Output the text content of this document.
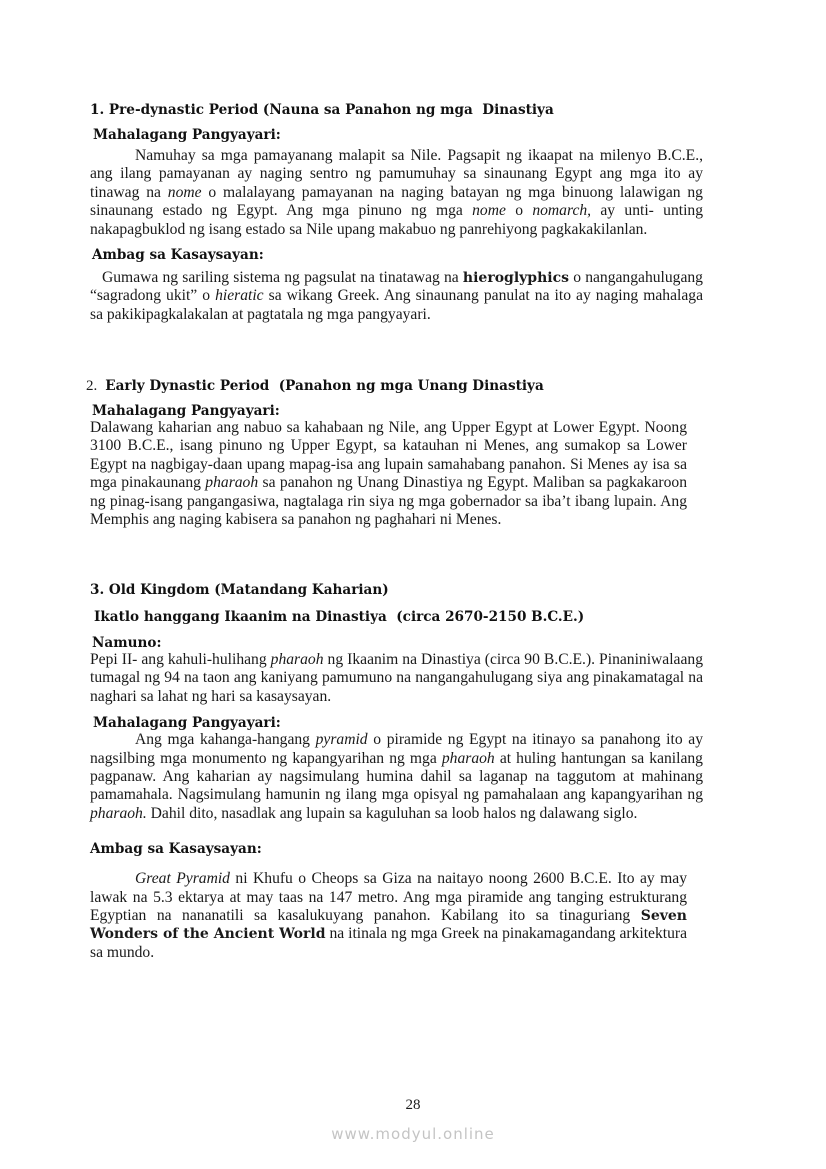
1. Pre-dynastic Period (Nauna sa Panahon ng mga  Dinastiya
Mahalagang Pangyayari:

Namuhay sa mga pamayanang malapit sa Nile. Pagsapit ng ikaapat na milenyo B.C.E., ang ilang pamayanan ay naging sentro ng pamumuhay sa sinaunang Egypt ang mga ito ay tinawag na nome o malalayang pamayanan na naging batayan ng mga binuong lalawigan ng sinaunang estado ng Egypt. Ang mga pinuno ng mga nome o nomarch, ay unti- unting nakapagbuklod ng isang estado sa Nile upang makabuo ng panrehiyong pagkakakilanlan.

Ambag sa Kasaysayan:

Gumawa ng sariling sistema ng pagsulat na tinatawag na hieroglyphics o nangangahulugang “sagradong ukit” o hieratic sa wikang Greek. Ang sinaunang panulat na ito ay naging mahalaga sa pakikipagkalakalan at pagtatala ng mga pangyayari.

2. Early Dynastic Period  (Panahon ng mga Unang Dinastiya
Mahalagang Pangyayari:

Dalawang kaharian ang nabuo sa kahabaan ng Nile, ang Upper Egypt at Lower Egypt. Noong 3100 B.C.E., isang pinuno ng Upper Egypt, sa katauhan ni Menes, ang sumakop sa Lower Egypt na nagbigay-daan upang mapag-isa ang lupain samahabang panahon. Si Menes ay isa sa mga pinakaunang pharaoh sa panahon ng Unang Dinastiya ng Egypt. Maliban sa pagkakaroon ng pinag-isang pangangasiwa, nagtalaga rin siya ng mga gobernador sa iba’t ibang lupain. Ang Memphis ang naging kabisera sa panahon ng paghahari ni Menes.

3. Old Kingdom (Matandang Kaharian)
Ikatlo hanggang Ikaanim na Dinastiya  (circa 2670-2150 B.C.E.)
Namuno:

Pepi II- ang kahuli-hulihang pharaoh ng Ikaanim na Dinastiya (circa 90 B.C.E.). Pinaniniwalaang tumagal ng 94 na taon ang kaniyang pamumuno na nangangahulugang siya ang pinakamatagal na naghari sa lahat ng hari sa kasaysayan.

Mahalagang Pangyayari:

Ang mga kahanga-hangang pyramid o piramide ng Egypt na itinayo sa panahong ito ay nagsilbing mga monumento ng kapangyarihan ng mga pharaoh at huling hantungan sa kanilang pagpanaw. Ang kaharian ay nagsimulang humina dahil sa laganap na taggutom at mahinang pamamahala. Nagsimulang hamunin ng ilang mga opisyal ng pamahalaan ang kapangyarihan ng pharaoh. Dahil dito, nasadlak ang lupain sa kaguluhan sa loob halos ng dalawang siglo.

Ambag sa Kasaysayan:

Great Pyramid ni Khufu o Cheops sa Giza na naitayo noong 2600 B.C.E. Ito ay may lawak na 5.3 ektarya at may taas na 147 metro. Ang mga piramide ang tanging estrukturang Egyptian na nananatili sa kasalukuyang panahon. Kabilang ito sa tinaguriang Seven Wonders of the Ancient World na itinala ng mga Greek na pinakamagandang arkitektura sa mundo.

28
www.modyul.online
